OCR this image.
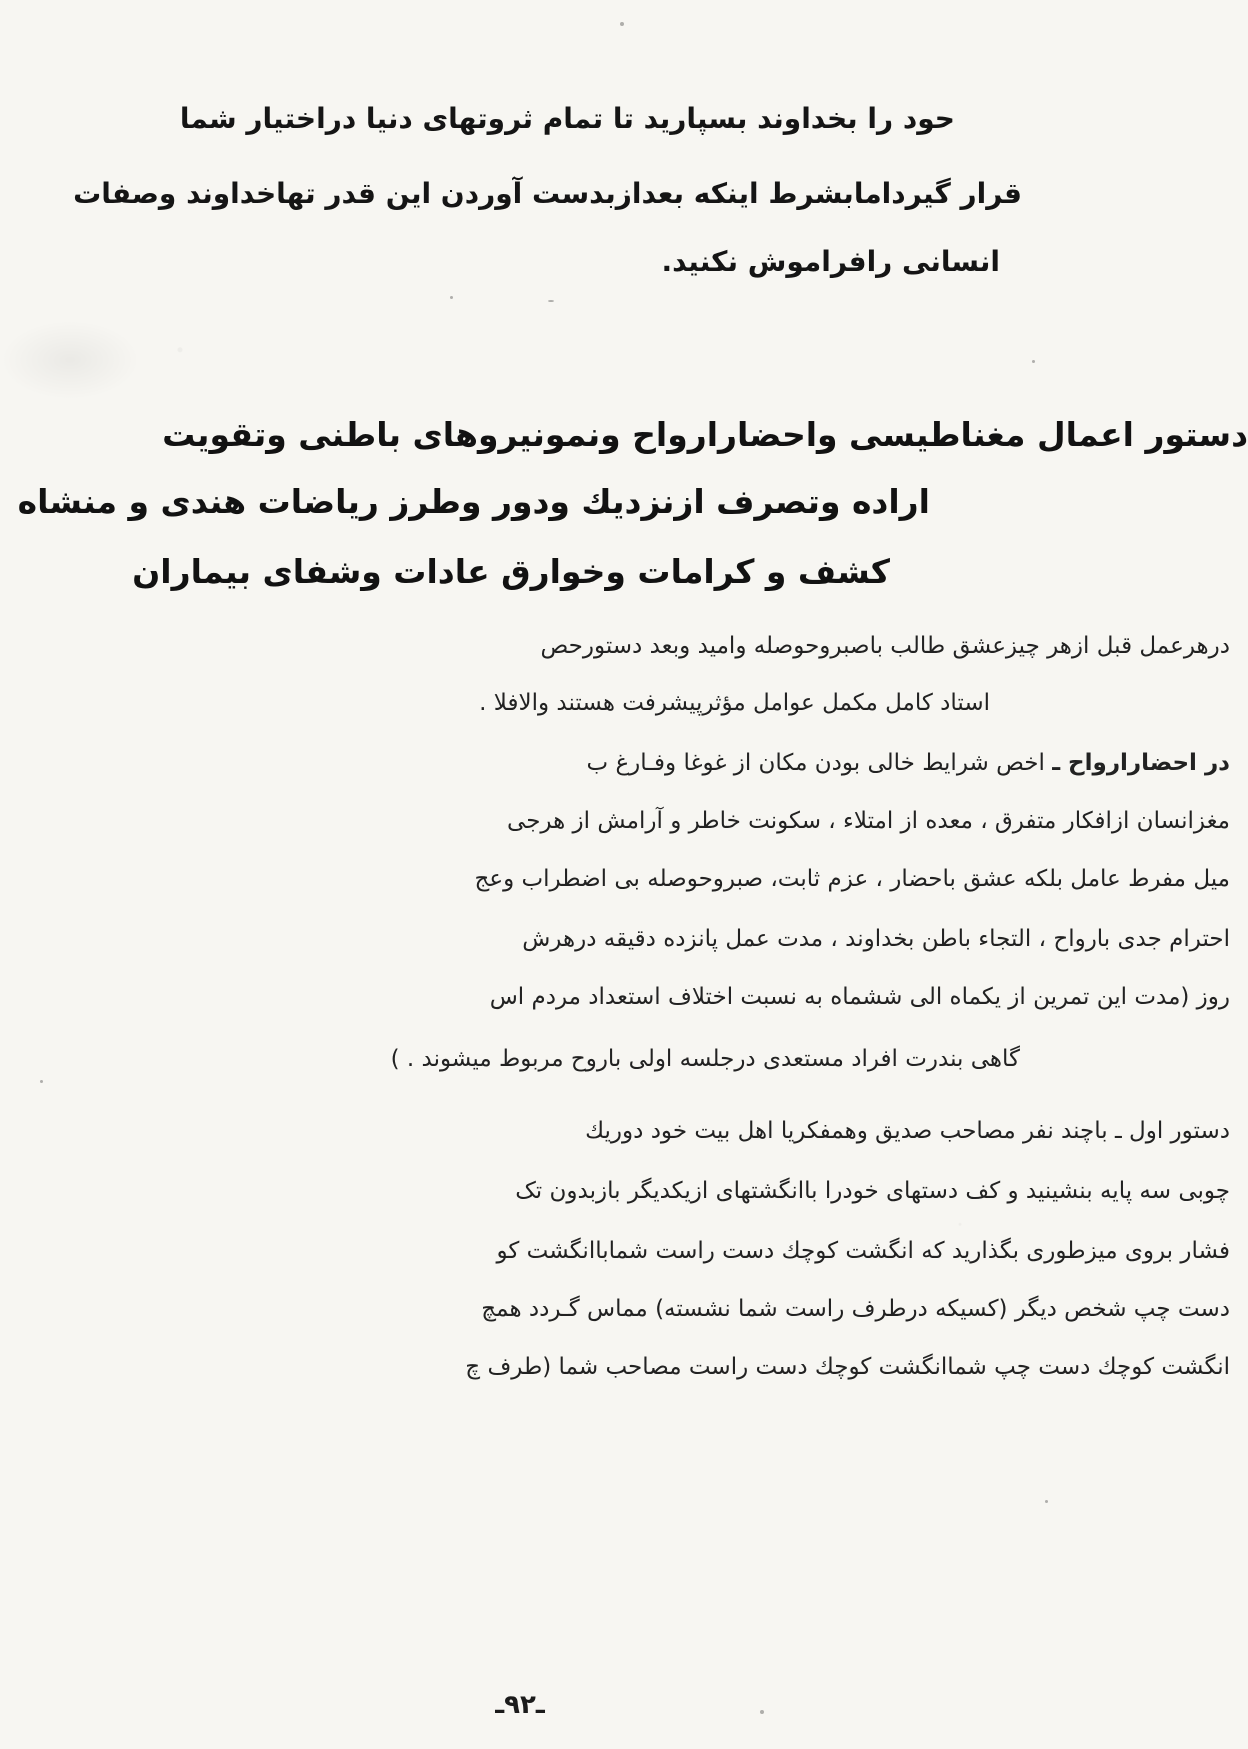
حود را بخداوند بسپارید تا تمام ثروتهای دنیا دراختیار شما

قرار گیردامابشرط اینکه بعدازبدست آوردن این قدر تهاخداوند وصفات

انسانی رافراموش نکنید.

دستور اعمال مغناطیسی واحضارارواح ونمونیروهای باطنی وتقویت
اراده وتصرف ازنزدیك ودور وطرز ریاضات هندی و منشاه
کشف و کرامات وخوارق عادات وشفای بیماران

درهرعمل قبل ازهر چیزعشق طالب باصبروحوصله وامید وبعد دستورحص

استاد کامل مکمل عوامل مؤثرپیشرفت هستند والافلا .

در احضارارواح ـ اخص شرایط خالی بودن مکان از غوغا وفـارغ ب

مغزانسان ازافکار متفرق ، معده از امتلاء ، سکونت خاطر و آرامش از هرجی

میل مفرط عامل بلکه عشق باحضار ، عزم ثابت، صبروحوصله بی اضطراب وعج

احترام جدی بارواح ، التجاء باطن بخداوند ، مدت عمل پانزده دقیقه درهرش

روز (مدت این تمرین از یکماه الی ششماه به نسبت اختلاف استعداد مردم اس

گاهی بندرت افراد مستعدی درجلسه اولی باروح مربوط میشوند . )

دستور اول ـ باچند نفر مصاحب صدیق وهمفکریا اهل بیت خود دوریك

چوبی سه پایه بنشینید و کف دستهای خودرا باانگشتهای ازیکدیگر بازبدون تک

فشار بروی میزطوری بگذارید که انگشت کوچك دست راست شماباانگشت کو

دست چپ شخص دیگر (کسیکه درطرف راست شما نشسته) مماس گـردد همچ

انگشت کوچك دست چپ شماانگشت کوچك دست راست مصاحب شما (طرف چ

ـ۹۲ـ
